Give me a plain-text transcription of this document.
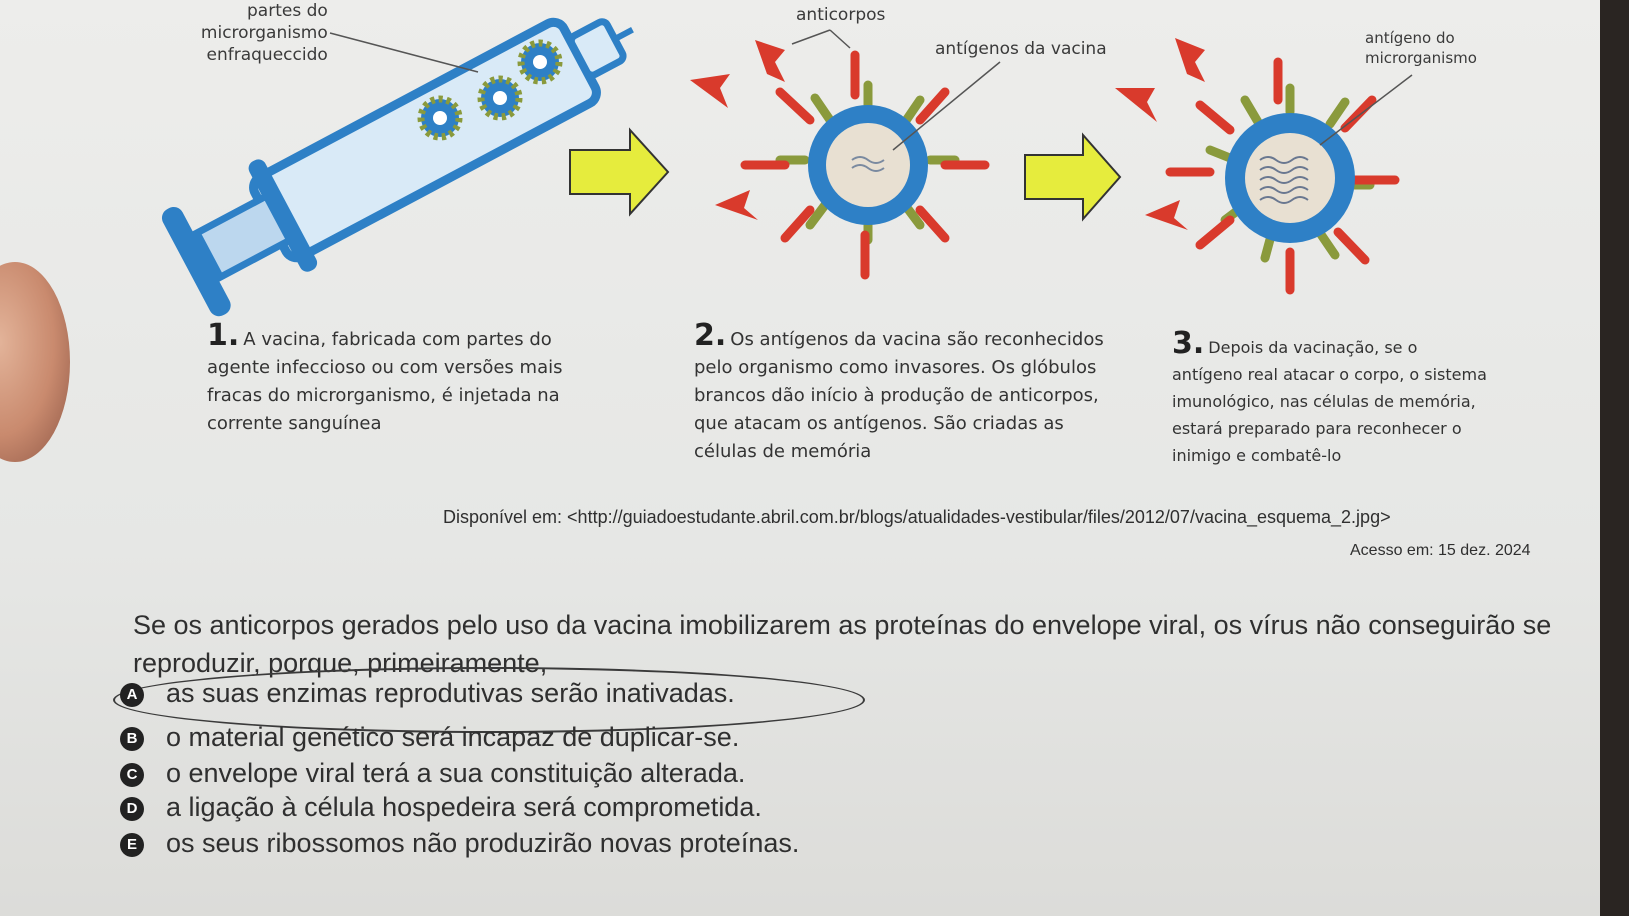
partes do
microrganismo
enfraqueccido
anticorpos
antígenos da vacina
antígeno do
microrganismo
1. A vacina, fabricada com partes do
agente infeccioso ou com versões mais
fracas do microrganismo, é injetada na
corrente sanguínea
2. Os antígenos da vacina são reconhecidos
pelo organismo como invasores. Os glóbulos
brancos dão início à produção de anticorpos,
que atacam os antígenos. São criadas as
células de memória
3. Depois da vacinação, se o
antígeno real atacar o corpo, o sistema
imunológico, nas células de memória,
estará preparado para reconhecer o
inimigo e combatê-lo
Disponível em: <http://guiadoestudante.abril.com.br/blogs/atualidades-vestibular/files/2012/07/vacina_esquema_2.jpg>
Acesso em: 15 dez. 2024
Se os anticorpos gerados pelo uso da vacina imobilizarem as proteínas do envelope viral, os vírus não conseguirão se reproduzir, porque, primeiramente,
A as suas enzimas reprodutivas serão inativadas.
B o material genético será incapaz de duplicar-se.
C o envelope viral terá a sua constituição alterada.
D a ligação à célula hospedeira será comprometida.
E os seus ribossomos não produzirão novas proteínas.
